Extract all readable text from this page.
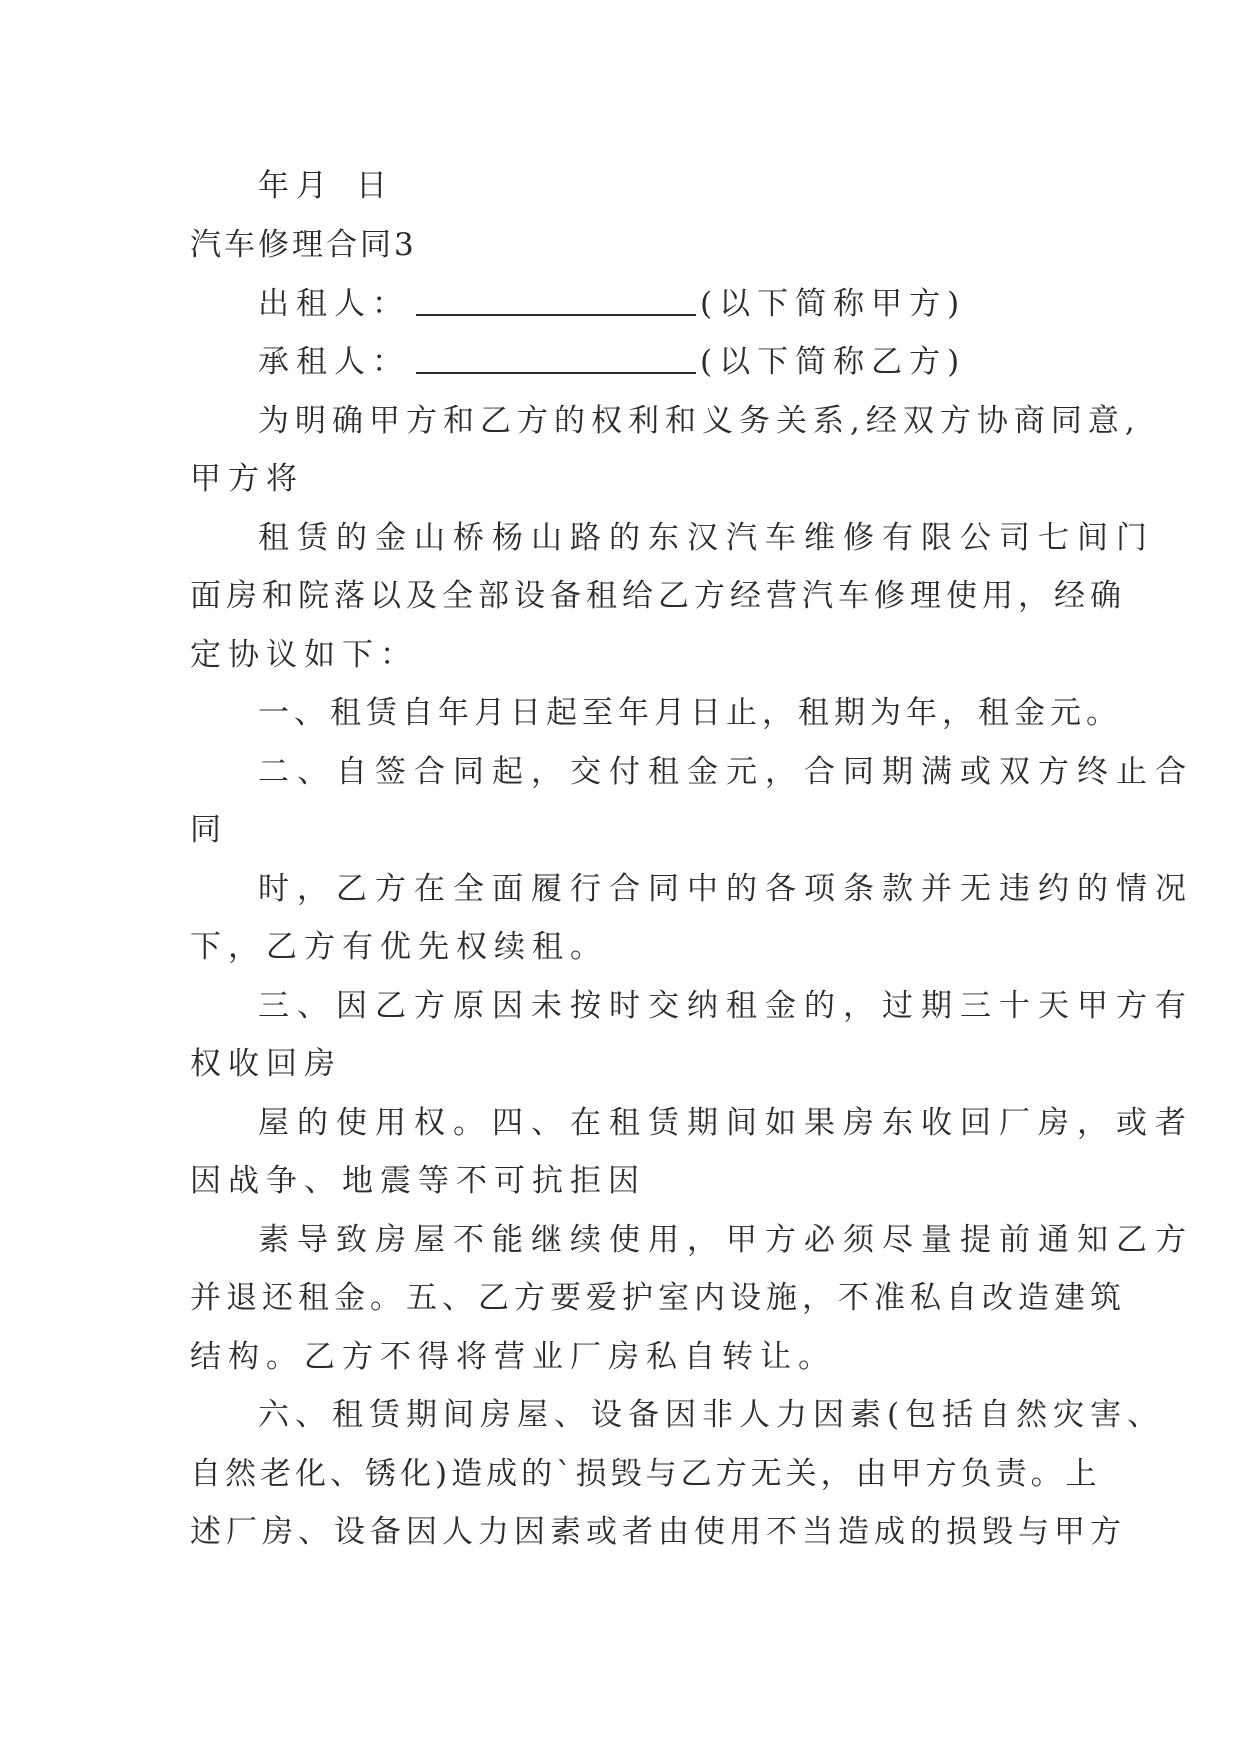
年月 日

汽车修理合同3

出租人：	(以下简称甲方)

承租人：	(以下简称乙方)

为明确甲方和乙方的权利和义务关系,经双方协商同意,

甲方将

租赁的金山桥杨山路的东汉汽车维修有限公司七间门

面房和院落以及全部设备租给乙方经营汽车修理使用，经确

定协议如下：

一、租赁自年月日起至年月日止，租期为年，租金元。

二、自签合同起，交付租金元，合同期满或双方终止合

同

时，乙方在全面履行合同中的各项条款并无违约的情况

下，乙方有优先权续租。

三、因乙方原因未按时交纳租金的，过期三十天甲方有

权收回房

屋的使用权。四、在租赁期间如果房东收回厂房，或者

因战争、地震等不可抗拒因

素导致房屋不能继续使用，甲方必须尽量提前通知乙方

并退还租金。五、乙方要爱护室内设施，不准私自改造建筑

结构。乙方不得将营业厂房私自转让。

六、租赁期间房屋、设备因非人力因素(包括自然灾害、

自然老化、锈化)造成的`损毁与乙方无关，由甲方负责。上

述厂房、设备因人力因素或者由使用不当造成的损毁与甲方
